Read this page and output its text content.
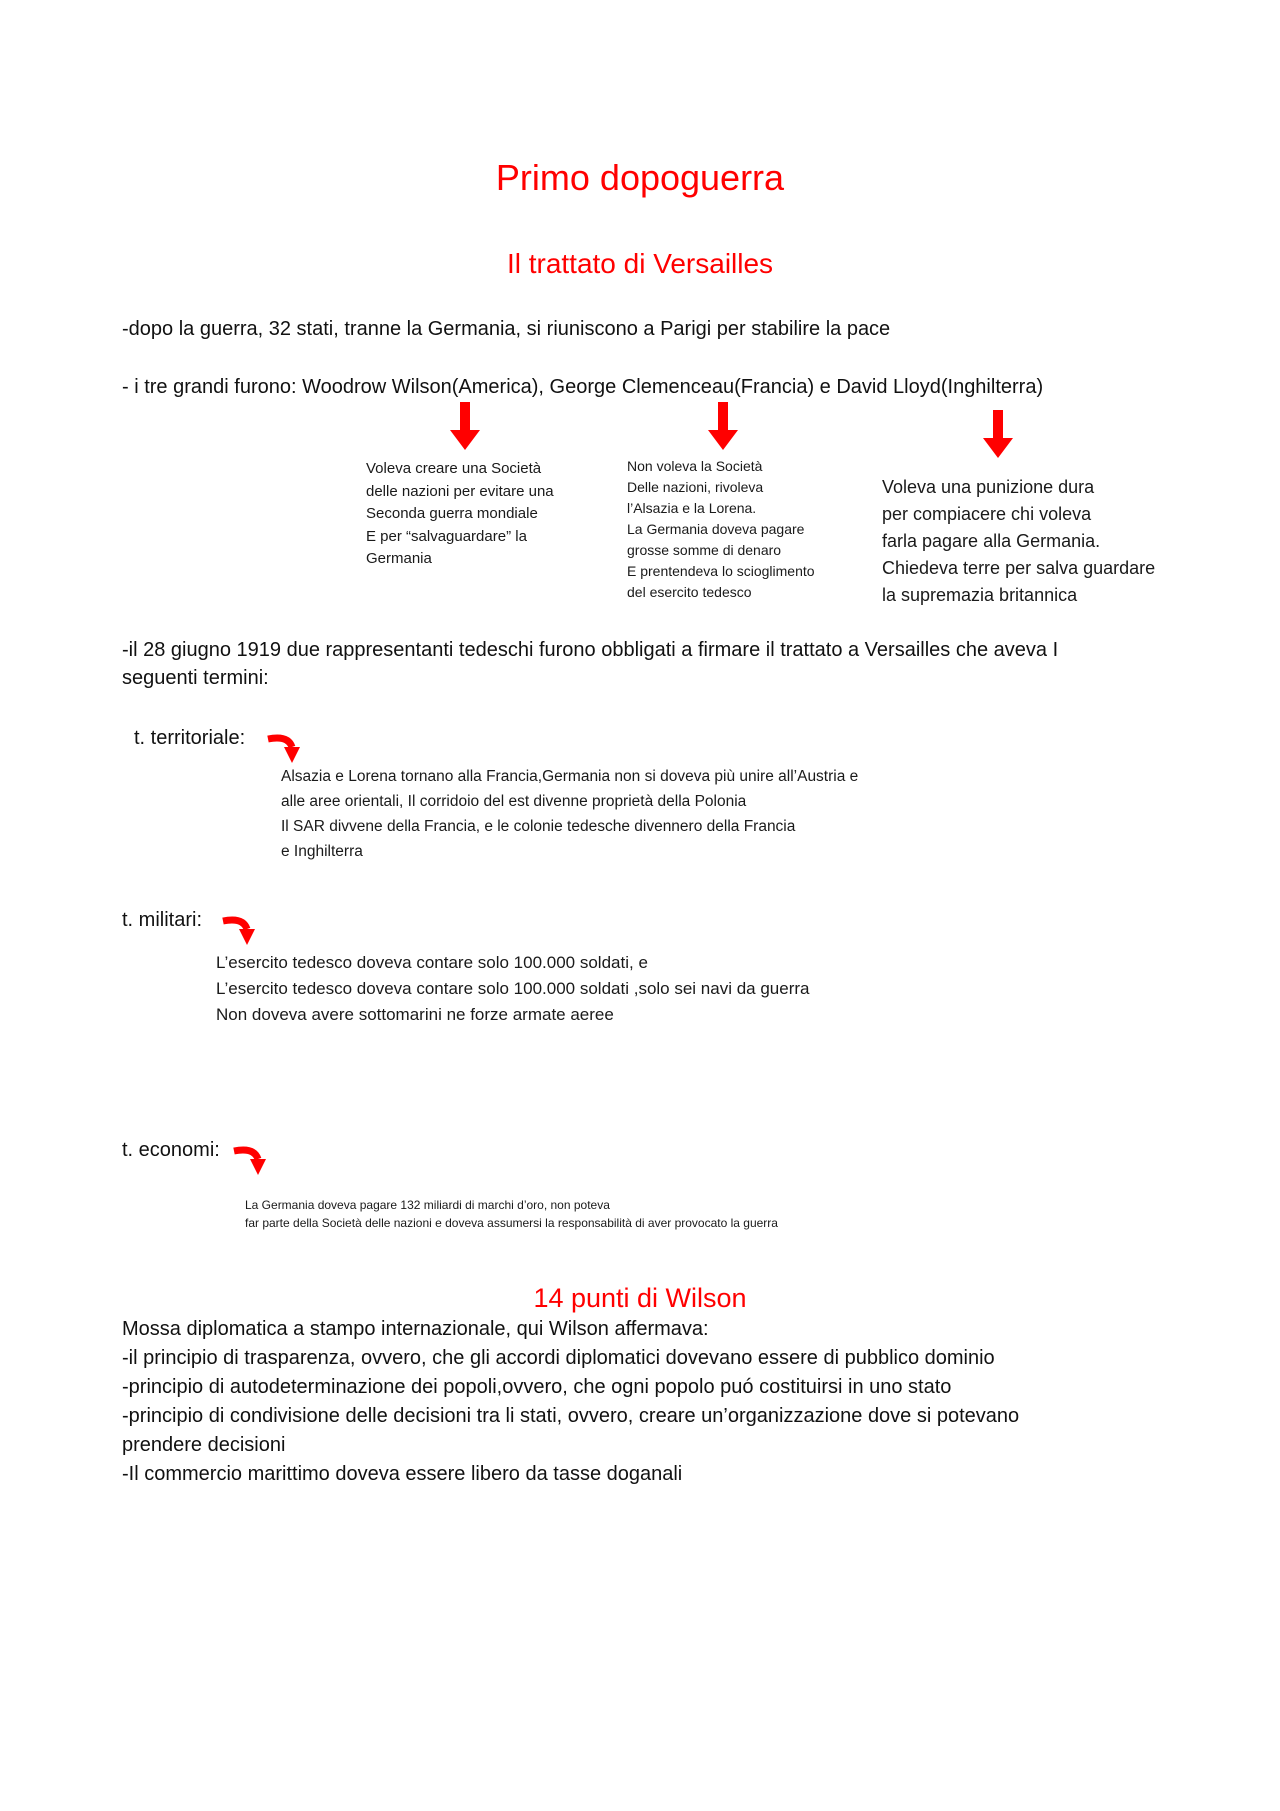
Primo dopoguerra
Il trattato di Versailles
-dopo la guerra, 32 stati, tranne la Germania, si riuniscono a Parigi per stabilire la pace
- i tre grandi furono: Woodrow Wilson(America), George Clemenceau(Francia) e David Lloyd(Inghilterra)
Voleva creare una Società
delle nazioni per evitare una
Seconda guerra mondiale
E per “salvaguardare” la
Germania
Non voleva la Società
Delle nazioni, rivoleva
l’Alsazia e la Lorena.
La Germania doveva pagare
grosse somme di denaro
E prentendeva lo scioglimento
del esercito tedesco
Voleva una punizione dura
per compiacere chi voleva
farla pagare alla Germania.
Chiedeva terre per salva guardare
la supremazia britannica
-il 28 giugno 1919 due rappresentanti tedeschi furono obbligati a firmare il trattato a Versailles che aveva I
seguenti termini:
t. territoriale:
Alsazia e Lorena tornano alla Francia,Germania non si doveva più unire all’Austria e
alle aree orientali, Il corridoio del est divenne proprietà della Polonia
Il SAR divvene della Francia, e le colonie tedesche divennero della Francia
e Inghilterra
t. militari:
L’esercito tedesco doveva contare solo 100.000 soldati, e
L’esercito tedesco doveva contare solo 100.000 soldati ,solo sei navi da guerra
Non doveva avere sottomarini ne forze armate aeree
t. economi:
La Germania doveva pagare 132 miliardi di marchi d’oro, non poteva
far parte della Società delle nazioni e doveva assumersi la responsabilità di aver provocato la guerra
14 punti di Wilson
Mossa diplomatica a stampo internazionale, qui Wilson affermava:
-il principio di trasparenza, ovvero, che gli accordi diplomatici dovevano essere di pubblico dominio
-principio di autodeterminazione dei popoli,ovvero, che ogni popolo puó costituirsi in uno stato
-principio di condivisione delle decisioni tra li stati, ovvero, creare un’organizzazione dove si potevano
prendere decisioni
-Il commercio marittimo doveva essere libero da tasse doganali
